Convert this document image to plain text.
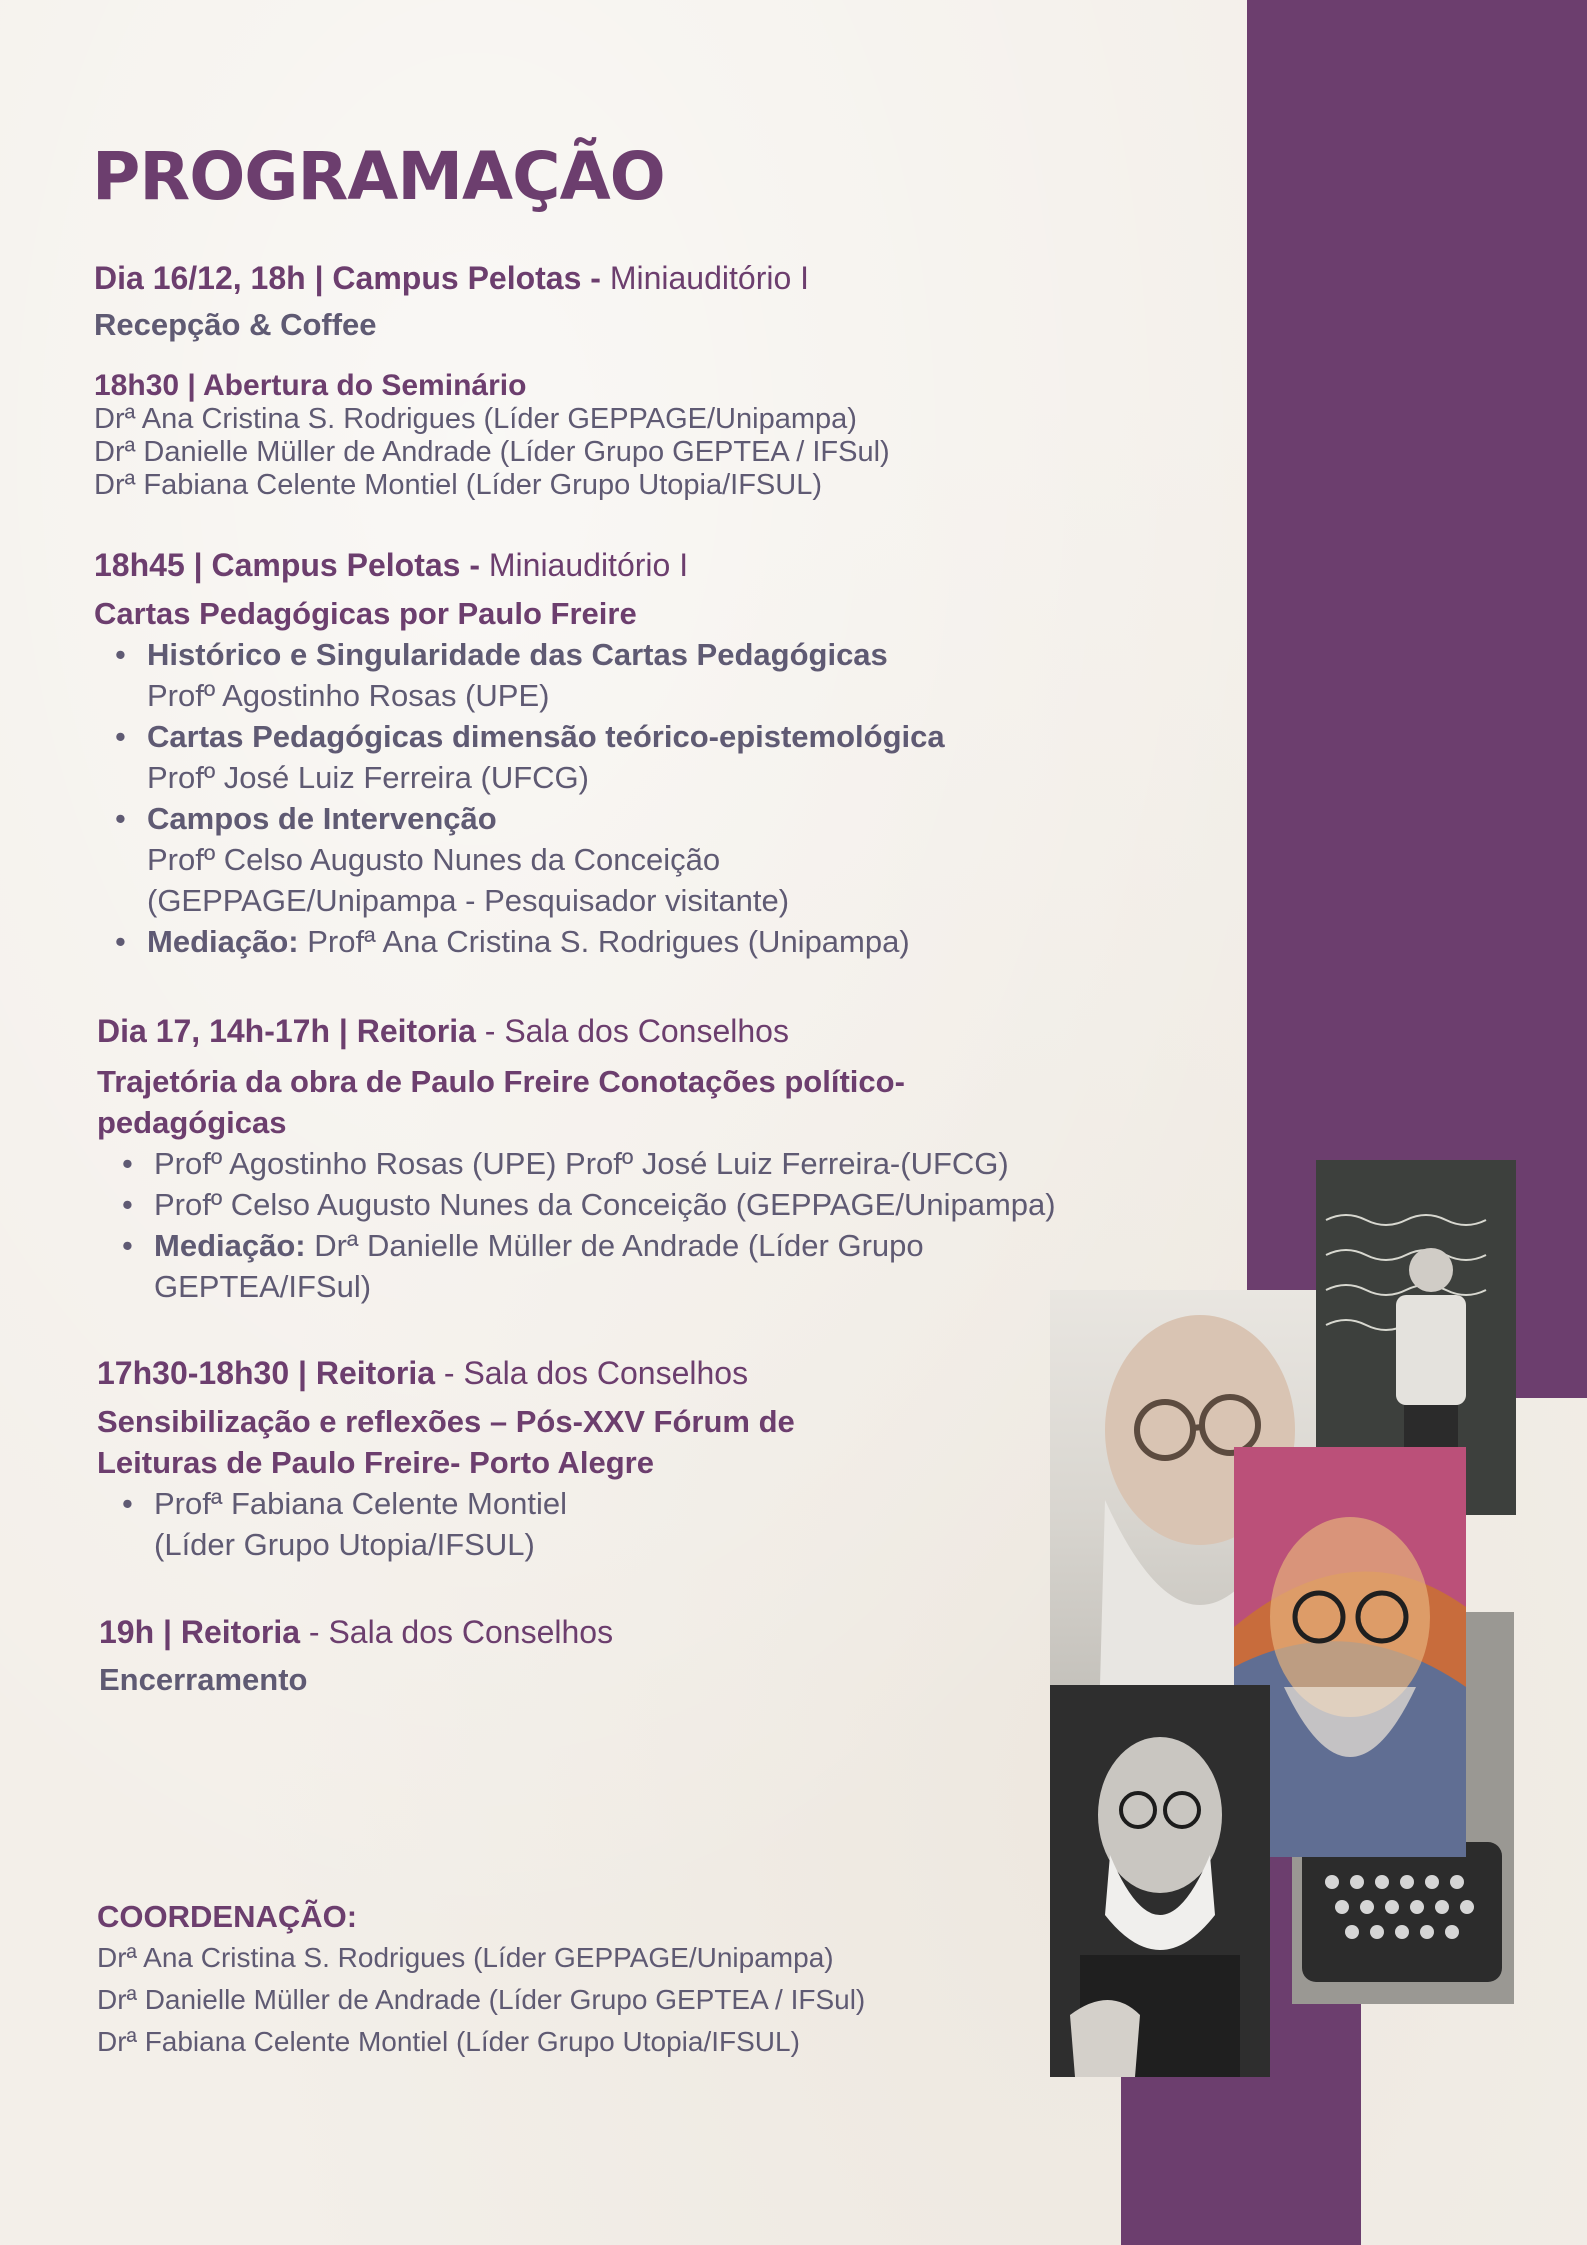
PROGRAMAÇÃO
Dia 16/12, 18h | Campus Pelotas - Miniauditório I
Recepção & Coffee
18h30 | Abertura do Seminário
Drª Ana Cristina S. Rodrigues (Líder GEPPAGE/Unipampa)
Drª Danielle Müller de Andrade (Líder Grupo GEPTEA / IFSul)
Drª Fabiana Celente Montiel (Líder Grupo Utopia/IFSUL)
18h45 | Campus Pelotas - Miniauditório I
Cartas Pedagógicas por Paulo Freire
• Histórico e Singularidade das Cartas Pedagógicas
Profº Agostinho Rosas (UPE)
• Cartas Pedagógicas dimensão teórico-epistemológica
Profº José Luiz Ferreira (UFCG)
• Campos de Intervenção
Profº Celso Augusto Nunes da Conceição
(GEPPAGE/Unipampa - Pesquisador visitante)
• Mediação: Profª Ana Cristina S. Rodrigues (Unipampa)
Dia 17, 14h-17h | Reitoria - Sala dos Conselhos
Trajetória da obra de Paulo Freire Conotações político-
pedagógicas
• Profº Agostinho Rosas (UPE) Profº José Luiz Ferreira-(UFCG)
• Profº Celso Augusto Nunes da Conceição (GEPPAGE/Unipampa)
• Mediação: Drª Danielle Müller de Andrade (Líder Grupo
GEPTEA/IFSul)
17h30-18h30 | Reitoria - Sala dos Conselhos
Sensibilização e reflexões – Pós-XXV Fórum de
Leituras de Paulo Freire- Porto Alegre
• Profª Fabiana Celente Montiel
(Líder Grupo Utopia/IFSUL)
19h | Reitoria - Sala dos Conselhos
Encerramento
COORDENAÇÃO:
Drª Ana Cristina S. Rodrigues (Líder GEPPAGE/Unipampa)
Drª Danielle Müller de Andrade (Líder Grupo GEPTEA / IFSul)
Drª Fabiana Celente Montiel (Líder Grupo Utopia/IFSUL)
